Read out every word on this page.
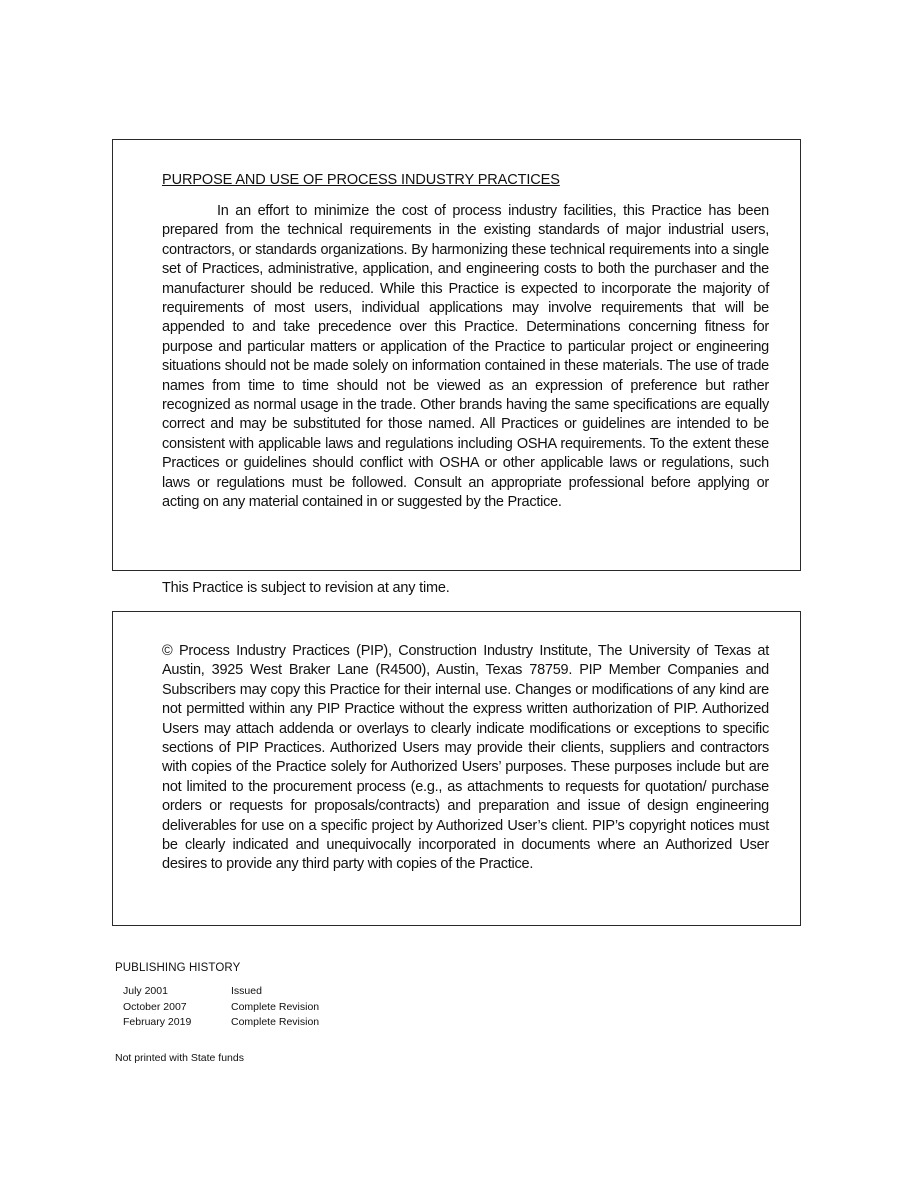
PURPOSE AND USE OF PROCESS INDUSTRY PRACTICES

In an effort to minimize the cost of process industry facilities, this Practice has been prepared from the technical requirements in the existing standards of major industrial users, contractors, or standards organizations. By harmonizing these technical requirements into a single set of Practices, administrative, application, and engineering costs to both the purchaser and the manufacturer should be reduced. While this Practice is expected to incorporate the majority of requirements of most users, individual applications may involve requirements that will be appended to and take precedence over this Practice. Determinations concerning fitness for purpose and particular matters or application of the Practice to particular project or engineering situations should not be made solely on information contained in these materials. The use of trade names from time to time should not be viewed as an expression of preference but rather recognized as normal usage in the trade. Other brands having the same specifications are equally correct and may be substituted for those named. All Practices or guidelines are intended to be consistent with applicable laws and regulations including OSHA requirements. To the extent these Practices or guidelines should conflict with OSHA or other applicable laws or regulations, such laws or regulations must be followed. Consult an appropriate professional before applying or acting on any material contained in or suggested by the Practice.

This Practice is subject to revision at any time.

© Process Industry Practices (PIP), Construction Industry Institute, The University of Texas at Austin, 3925 West Braker Lane (R4500), Austin, Texas 78759. PIP Member Companies and Subscribers may copy this Practice for their internal use. Changes or modifications of any kind are not permitted within any PIP Practice without the express written authorization of PIP. Authorized Users may attach addenda or overlays to clearly indicate modifications or exceptions to specific sections of PIP Practices. Authorized Users may provide their clients, suppliers and contractors with copies of the Practice solely for Authorized Users’ purposes. These purposes include but are not limited to the procurement process (e.g., as attachments to requests for quotation/ purchase orders or requests for proposals/contracts) and preparation and issue of design engineering deliverables for use on a specific project by Authorized User’s client. PIP’s copyright notices must be clearly indicated and unequivocally incorporated in documents where an Authorized User desires to provide any third party with copies of the Practice.

PUBLISHING HISTORY

July 2001	Issued
October 2007	Complete Revision
February 2019	Complete Revision
Not printed with State funds
